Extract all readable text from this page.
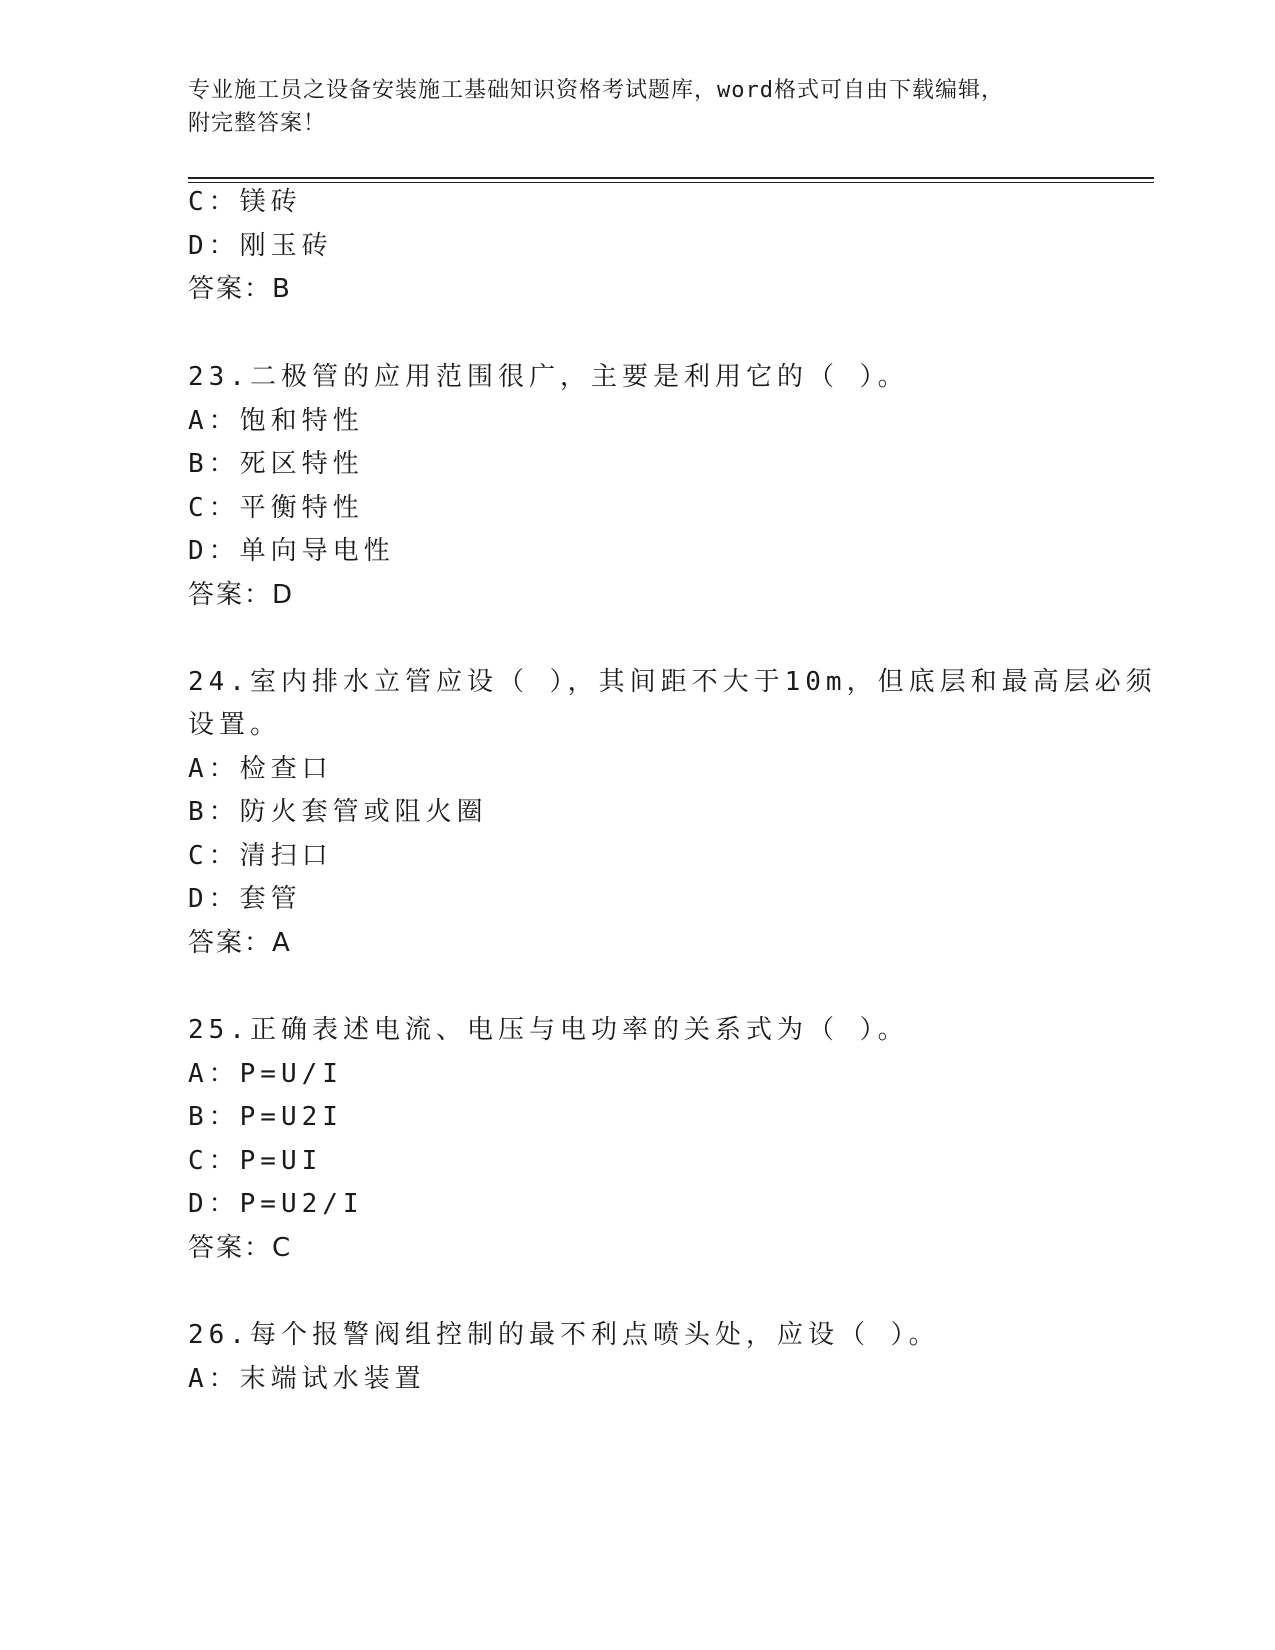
专业施工员之设备安装施工基础知识资格考试题库，word格式可自由下载编辑，
附完整答案！
C：镁砖
D：刚玉砖
答案：B
23.二极管的应用范围很广，主要是利用它的（ ）。
A：饱和特性
B：死区特性
C：平衡特性
D：单向导电性
答案：D
24.室内排水立管应设（ ），其间距不大于10m，但底层和最高层必须
设置。
A：检查口
B：防火套管或阻火圈
C：清扫口
D：套管
答案：A
25.正确表述电流、电压与电功率的关系式为（ ）。
A：P=U/I
B：P=U2I
C：P=UI
D：P=U2/I
答案：C
26.每个报警阀组控制的最不利点喷头处，应设（ ）。
A：末端试水装置
